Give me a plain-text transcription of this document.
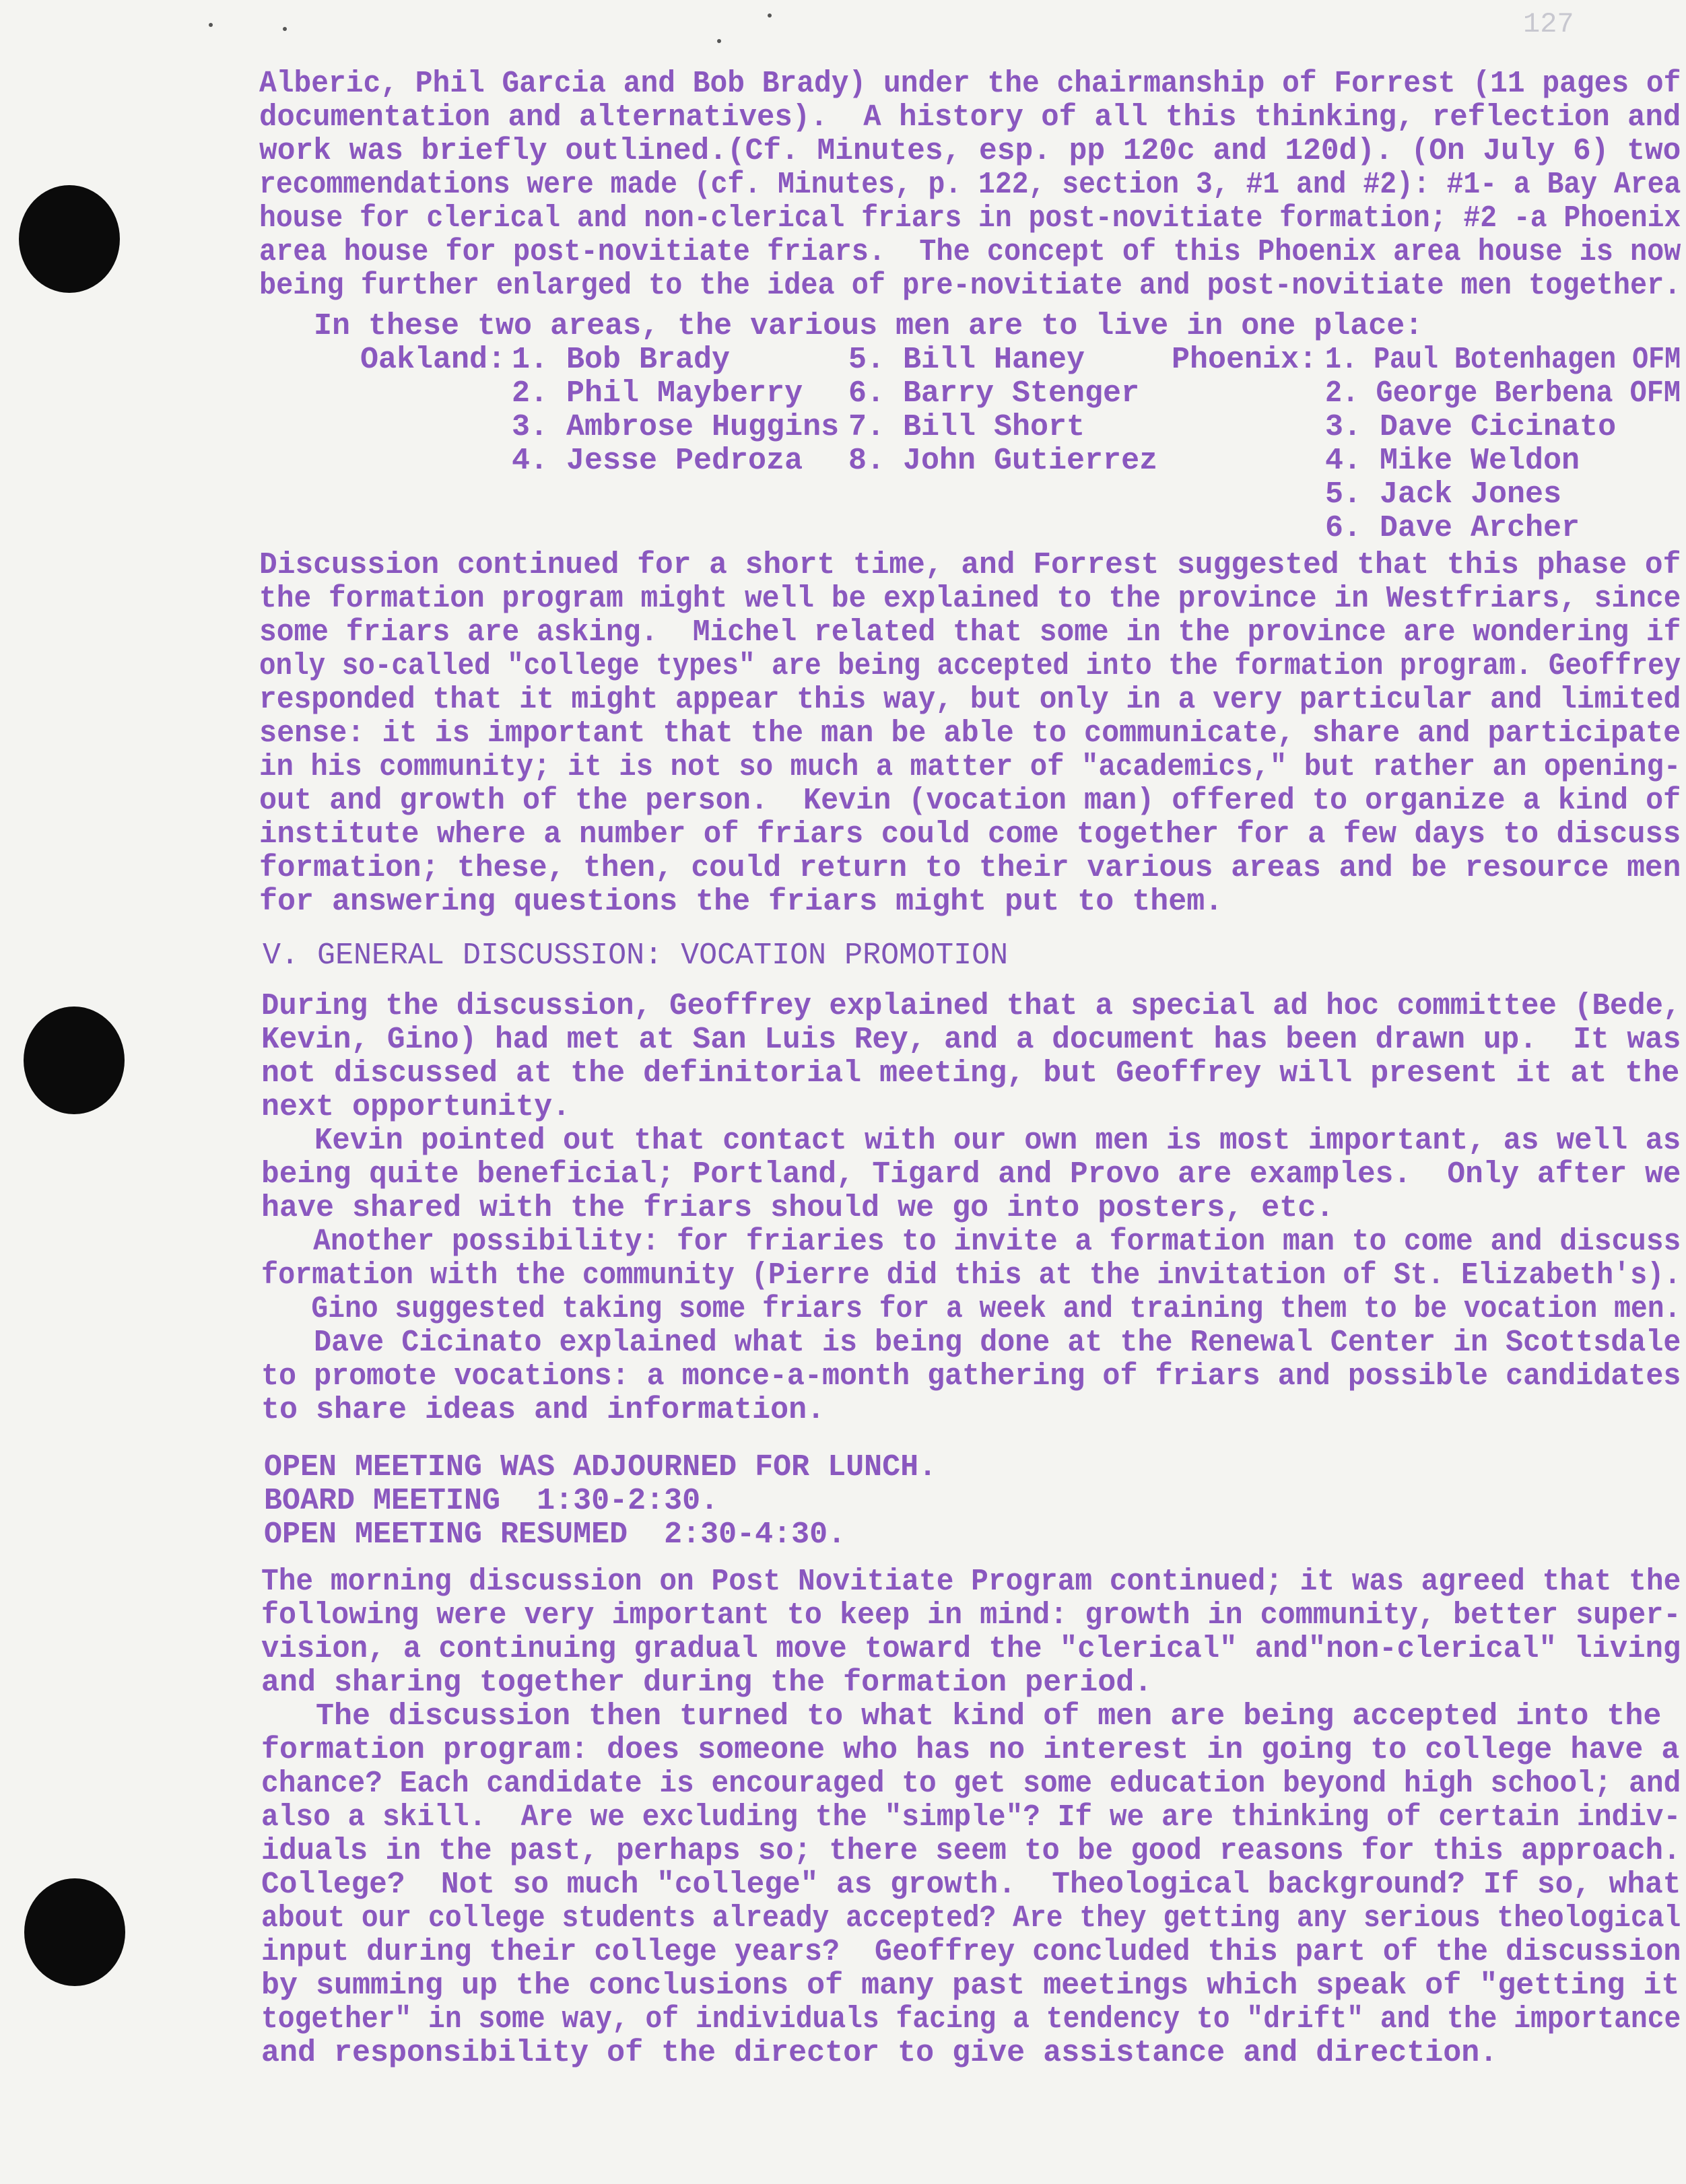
127
Alberic, Phil Garcia and Bob Brady) under the chairmanship of Forrest (11 pages of
documentation and alternatives).  A history of all this thinking, reflection and
work was briefly outlined.(Cf. Minutes, esp. pp 120c and 120d). (On July 6) two
recommendations were made (cf. Minutes, p. 122, section 3, #1 and #2): #1- a Bay Area
house for clerical and non-clerical friars in post-novitiate formation; #2 -a Phoenix
area house for post-novitiate friars.  The concept of this Phoenix area house is now
being further enlarged to the idea of pre-novitiate and post-novitiate men together.
In these two areas, the various men are to live in one place:
Oakland: 1. Bob Brady
2. Phil Mayberry
3. Ambrose Huggins
4. Jesse Pedroza
5. Bill Haney
6. Barry Stenger
7. Bill Short
8. John Gutierrez
Phoenix: 1. Paul Botenhagen OFM
2. George Berbena OFM
3. Dave Cicinato
4. Mike Weldon
5. Jack Jones
6. Dave Archer
Discussion continued for a short time, and Forrest suggested that this phase of
the formation program might well be explained to the province in Westfriars, since
some friars are asking.  Michel related that some in the province are wondering if
only so-called "college types" are being accepted into the formation program. Geoffrey
responded that it might appear this way, but only in a very particular and limited
sense: it is important that the man be able to communicate, share and participate
in his community; it is not so much a matter of "academics," but rather an opening-
out and growth of the person.  Kevin (vocation man) offered to organize a kind of
institute where a number of friars could come together for a few days to discuss
formation; these, then, could return to their various areas and be resource men
for answering questions the friars might put to them.
V. GENERAL DISCUSSION: VOCATION PROMOTION
During the discussion, Geoffrey explained that a special ad hoc committee (Bede,
Kevin, Gino) had met at San Luis Rey, and a document has been drawn up.  It was
not discussed at the definitorial meeting, but Geoffrey will present it at the
next opportunity.
Kevin pointed out that contact with our own men is most important, as well as
being quite beneficial; Portland, Tigard and Provo are examples.  Only after we
have shared with the friars should we go into posters, etc.
Another possibility: for friaries to invite a formation man to come and discuss
formation with the community (Pierre did this at the invitation of St. Elizabeth's).
Gino suggested taking some friars for a week and training them to be vocation men.
Dave Cicinato explained what is being done at the Renewal Center in Scottsdale
to promote vocations: a monce-a-month gathering of friars and possible candidates
to share ideas and information.
OPEN MEETING WAS ADJOURNED FOR LUNCH.
BOARD MEETING  1:30-2:30.
OPEN MEETING RESUMED  2:30-4:30.
The morning discussion on Post Novitiate Program continued; it was agreed that the
following were very important to keep in mind: growth in community, better super-
vision, a continuing gradual move toward the "clerical" and"non-clerical" living
and sharing together during the formation period.
The discussion then turned to what kind of men are being accepted into the
formation program: does someone who has no interest in going to college have a
chance? Each candidate is encouraged to get some education beyond high school; and
also a skill.  Are we excluding the "simple"? If we are thinking of certain indiv-
iduals in the past, perhaps so; there seem to be good reasons for this approach.
College?  Not so much "college" as growth.  Theological background? If so, what
about our college students already accepted? Are they getting any serious theological
input during their college years?  Geoffrey concluded this part of the discussion
by summing up the conclusions of many past meetings which speak of "getting it
together" in some way, of individuals facing a tendency to "drift" and the importance
and responsibility of the director to give assistance and direction.
